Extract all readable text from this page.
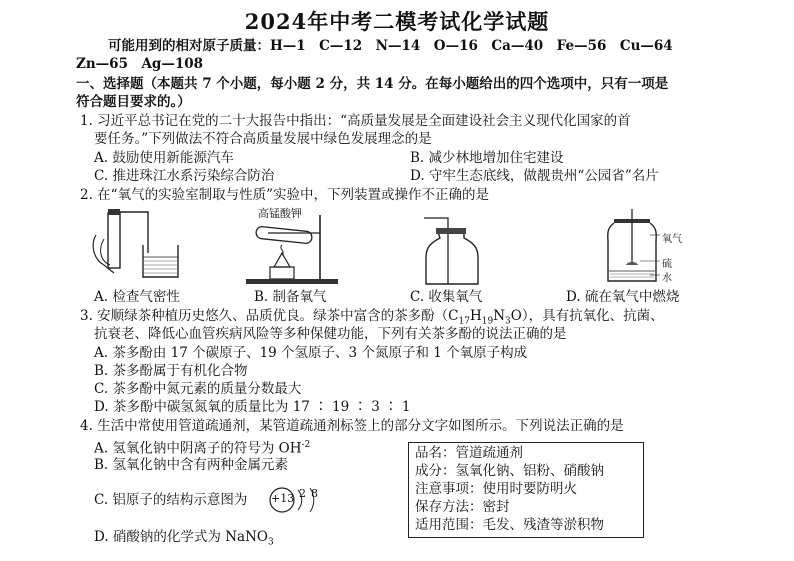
2024年中考二模考试化学试题
可能用到的相对原子质量：H—1　C—12　N—14　O—16　Ca—40　Fe—56　Cu—64
Zn—65　Ag—108
一、选择题（本题共 7 个小题，每小题 2 分，共 14 分。在每小题给出的四个选项中，只有一项是
符合题目要求的。）
1. 习近平总书记在党的二十大报告中指出：“高质量发展是全面建设社会主义现代化国家的首
要任务。”下列做法不符合高质量发展中绿色发展理念的是
A. 鼓励使用新能源汽车	B. 减少林地增加住宅建设
C. 推进珠江水系污染综合防治	D. 守牢生态底线，做靓贵州“公园省”名片
2. 在“氧气的实验室制取与性质”实验中，下列装置或操作不正确的是
高锰酸钾
氧气
硫
水
A. 检查气密性	B. 制备氧气	C. 收集氧气	D. 硫在氧气中燃烧
3. 安顺绿茶种植历史悠久、品质优良。绿茶中富含的茶多酚$(C_{17}H_{19}N_3O)$，具有抗氧化、抗菌、
抗衰老、降低心血管疾病风险等多种保健功能，下列有关茶多酚的说法正确的是
A. 茶多酚由 17 个碳原子、19 个氢原子、3 个氮原子和 1 个氧原子构成
B. 茶多酚属于有机化合物
C. 茶多酚中氮元素的质量分数最大
D. 茶多酚中碳氢氮氧的质量比为 17 ∶ 19 ∶ 3 ∶ 1
4. 生活中常使用管道疏通剂，某管道疏通剂标签上的部分文字如图所示。下列说法正确的是
A. 氢氧化钠中阴离子的符号为 $OH^{-2}$
B. 氢氧化钠中含有两种金属元素
C. 铝原子的结构示意图为 +13 2 8
D. 硝酸钠的化学式为 NaNO$_3$
品名：管道疏通剂
成分：氢氧化钠、铝粉、硝酸钠
注意事项：使用时要防明火
保存方法：密封
适用范围：毛发、残渣等淤积物
